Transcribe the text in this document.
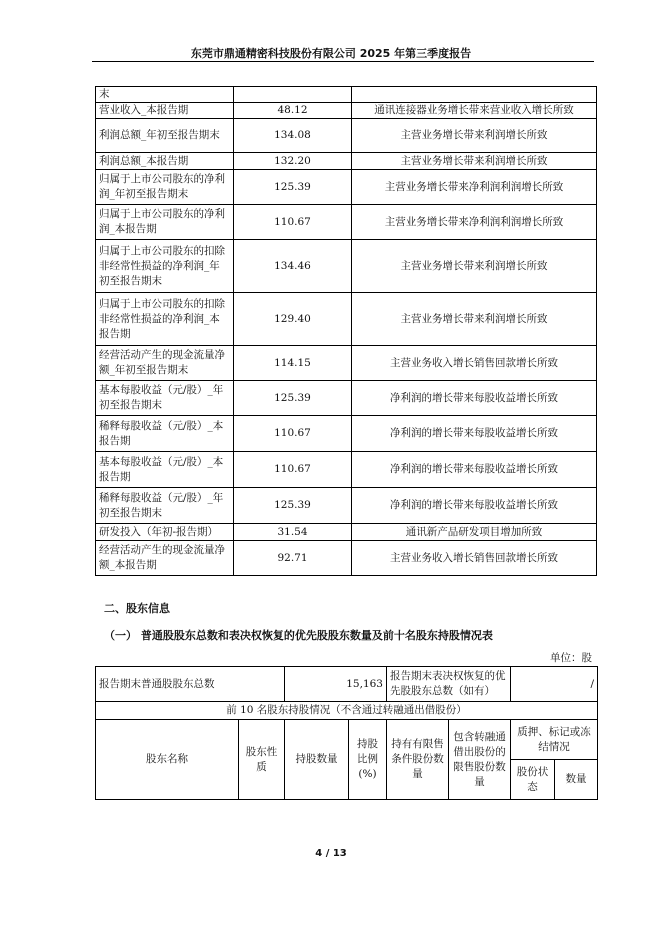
东莞市鼎通精密科技股份有限公司 2025 年第三季度报告
末		
营业收入_本报告期	48.12	通讯连接器业务增长带来营业收入增长所致
利润总额_年初至报告期末	134.08	主营业务增长带来利润增长所致
利润总额_本报告期	132.20	主营业务增长带来利润增长所致
归属于上市公司股东的净利润_年初至报告期末	125.39	主营业务增长带来净利润利润增长所致
归属于上市公司股东的净利润_本报告期	110.67	主营业务增长带来净利润利润增长所致
归属于上市公司股东的扣除非经常性损益的净利润_年初至报告期末	134.46	主营业务增长带来利润增长所致
归属于上市公司股东的扣除非经常性损益的净利润_本报告期	129.40	主营业务增长带来利润增长所致
经营活动产生的现金流量净额_年初至报告期末	114.15	主营业务收入增长销售回款增长所致
基本每股收益（元/股）_年初至报告期末	125.39	净利润的增长带来每股收益增长所致
稀释每股收益（元/股）_本报告期	110.67	净利润的增长带来每股收益增长所致
基本每股收益（元/股）_本报告期	110.67	净利润的增长带来每股收益增长所致
稀释每股收益（元/股）_年初至报告期末	125.39	净利润的增长带来每股收益增长所致
研发投入（年初-报告期）	31.54	通讯新产品研发项目增加所致
经营活动产生的现金流量净额_本报告期	92.71	主营业务收入增长销售回款增长所致
二、股东信息
（一） 普通股股东总数和表决权恢复的优先股股东数量及前十名股东持股情况表
单位：股
报告期末普通股股东总数		15,163		报告期末表决权恢复的优先股股东总数（如有）		/	
前 10 名股东持股情况（不含通过转融通出借股份）							
股东名称	股东性质	持股数量	持股比例(%)	持有有限售条件股份数量	包含转融通借出股份的限售股份数量	质押、标记或冻结情况	
						股份状态	数量
4 / 13
